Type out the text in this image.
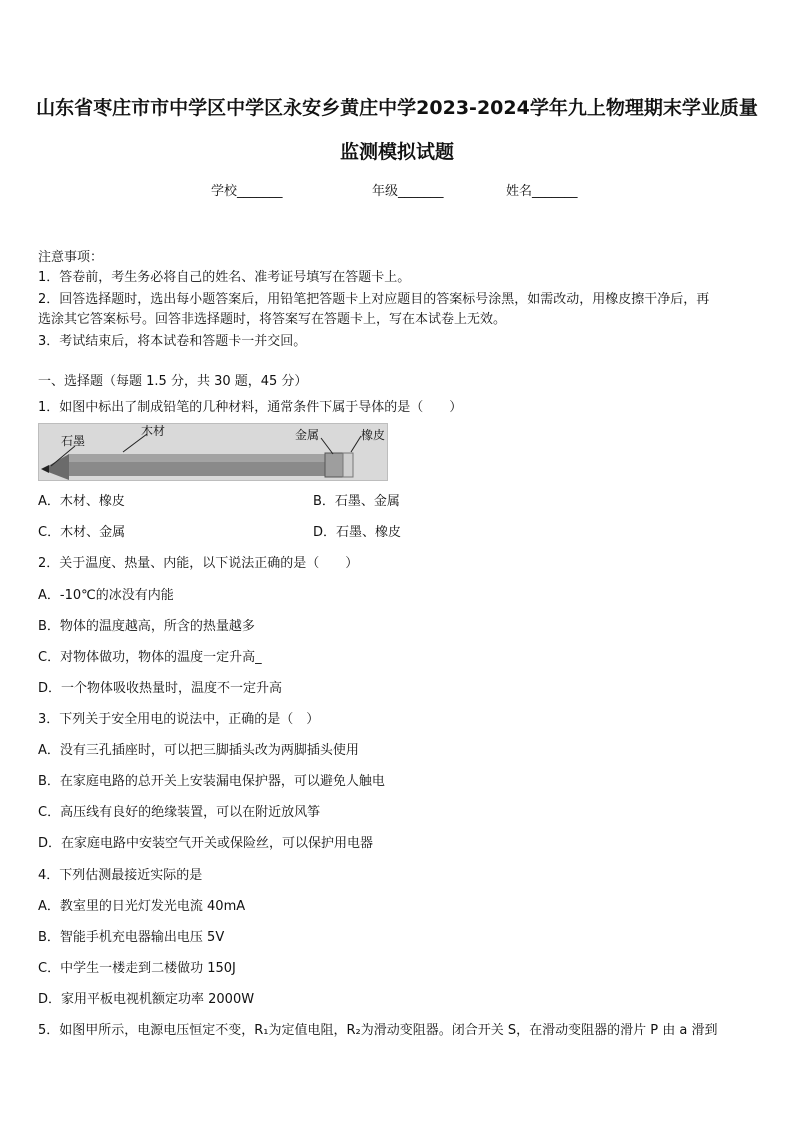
山东省枣庄市市中学区中学区永安乡黄庄中学2023-2024学年九上物理期末学业质量
监测模拟试题
学校_______	年级_______	姓名_______
注意事项：
1．答卷前，考生务必将自己的姓名、准考证号填写在答题卡上。
2．回答选择题时，选出每小题答案后，用铅笔把答题卡上对应题目的答案标号涂黑，如需改动，用橡皮擦干净后，再
选涂其它答案标号。回答非选择题时，将答案写在答题卡上，写在本试卷上无效。
3．考试结束后，将本试卷和答题卡一并交回。
一、选择题（每题 1.5 分，共 30 题，45 分）
1．如图中标出了制成铅笔的几种材料，通常条件下属于导体的是（　　）
石墨
木材	金属	橡皮
A．木材、橡皮	B．石墨、金属
C．木材、金属	D．石墨、橡皮
2．关于温度、热量、内能，以下说法正确的是（　　）
A．-10℃的冰没有内能
B．物体的温度越高，所含的热量越多
C．对物体做功，物体的温度一定升高_
D．一个物体吸收热量时，温度不一定升高
3．下列关于安全用电的说法中，正确的是（　）
A．没有三孔插座时，可以把三脚插头改为两脚插头使用
B．在家庭电路的总开关上安装漏电保护器，可以避免人触电
C．高压线有良好的绝缘装置，可以在附近放风筝
D．在家庭电路中安装空气开关或保险丝，可以保护用电器
4．下列估测最接近实际的是
A．教室里的日光灯发光电流 40mA
B．智能手机充电器输出电压 5V
C．中学生一楼走到二楼做功 150J
D．家用平板电视机额定功率 2000W
5．如图甲所示，电源电压恒定不变，R₁为定值电阻，R₂为滑动变阻器。闭合开关 S，在滑动变阻器的滑片 P 由 a 滑到
